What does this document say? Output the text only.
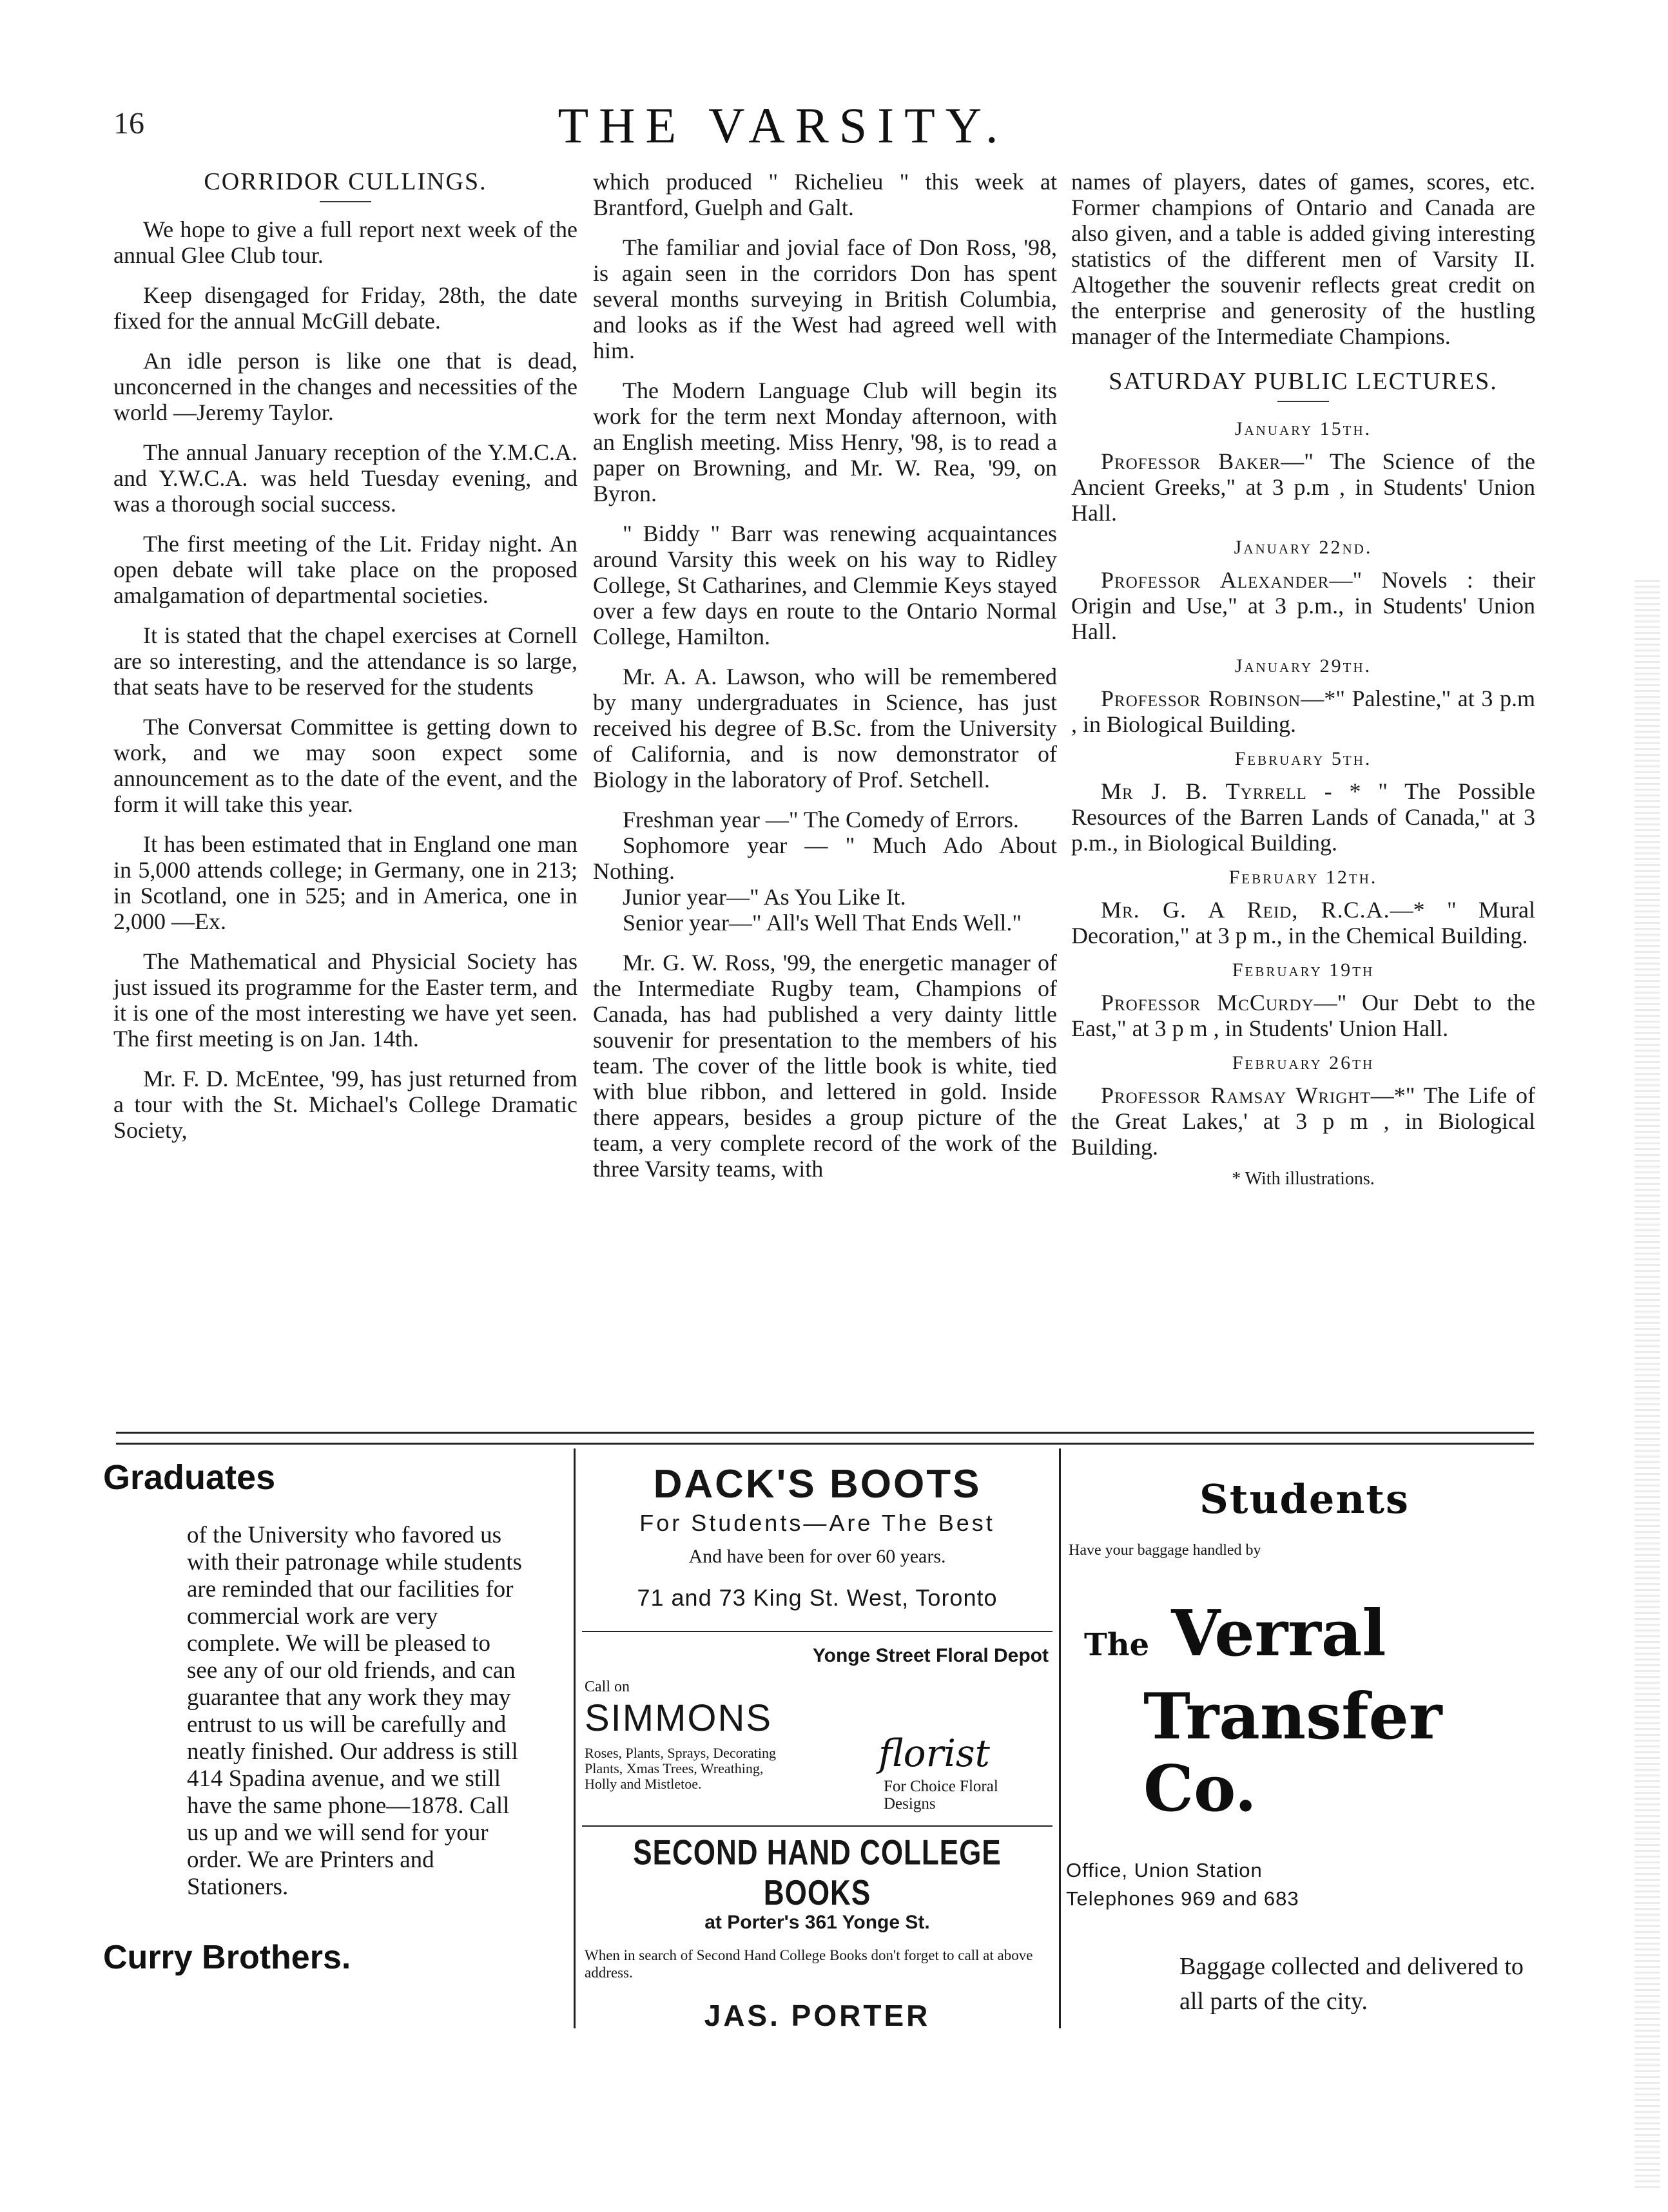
16	THE VARSITY.
CORRIDOR CULLINGS.

We hope to give a full report next week of the annual Glee Club tour.

Keep disengaged for Friday, 28th, the date fixed for the annual McGill debate.

An idle person is like one that is dead, unconcerned in the changes and necessities of the world —Jeremy Taylor.

The annual January reception of the Y.M.C.A. and Y.W.C.A. was held Tuesday evening, and was a thorough social success.

The first meeting of the Lit. Friday night. An open debate will take place on the proposed amalgamation of departmental societies.

It is stated that the chapel exercises at Cornell are so interesting, and the attendance is so large, that seats have to be reserved for the students

The Conversat Committee is getting down to work, and we may soon expect some announcement as to the date of the event, and the form it will take this year.

It has been estimated that in England one man in 5,000 attends college; in Germany, one in 213; in Scotland, one in 525; and in America, one in 2,000 —Ex.

The Mathematical and Physicial Society has just issued its programme for the Easter term, and it is one of the most interesting we have yet seen. The first meeting is on Jan. 14th.

Mr. F. D. McEntee, '99, has just returned from a tour with the St. Michael's College Dramatic Society,

which produced " Richelieu " this week at Brantford, Guelph and Galt.

The familiar and jovial face of Don Ross, '98, is again seen in the corridors Don has spent several months surveying in British Columbia, and looks as if the West had agreed well with him.

The Modern Language Club will begin its work for the term next Monday afternoon, with an English meeting. Miss Henry, '98, is to read a paper on Browning, and Mr. W. Rea, '99, on Byron.

" Biddy " Barr was renewing acquaintances around Varsity this week on his way to Ridley College, St Catharines, and Clemmie Keys stayed over a few days en route to the Ontario Normal College, Hamilton.

Mr. A. A. Lawson, who will be remembered by many undergraduates in Science, has just received his degree of B.Sc. from the University of California, and is now demonstrator of Biology in the laboratory of Prof. Setchell.

Freshman year —" The Comedy of Errors.

Sophomore year — " Much Ado About Nothing.

Junior year—" As You Like It.

Senior year—" All's Well That Ends Well."

Mr. G. W. Ross, '99, the energetic manager of the Intermediate Rugby team, Champions of Canada, has had published a very dainty little souvenir for presentation to the members of his team. The cover of the little book is white, tied with blue ribbon, and lettered in gold. Inside there appears, besides a group picture of the team, a very complete record of the work of the three Varsity teams, with

names of players, dates of games, scores, etc. Former champions of Ontario and Canada are also given, and a table is added giving interesting statistics of the different men of Varsity II. Altogether the souvenir reflects great credit on the enterprise and generosity of the hustling manager of the Intermediate Champions.

SATURDAY PUBLIC LECTURES.
January 15th.

Professor Baker—" The Science of the Ancient Greeks," at 3 p.m , in Students' Union Hall.

January 22nd.

Professor Alexander—" Novels : their Origin and Use," at 3 p.m., in Students' Union Hall.

January 29th.

Professor Robinson—*" Palestine," at 3 p.m , in Biological Building.

February 5th.

Mr J. B. Tyrrell - * " The Possible Resources of the Barren Lands of Canada," at 3 p.m., in Biological Building.

February 12th.

Mr. G. A Reid, R.C.A.—* " Mural Decoration," at 3 p m., in the Chemical Building.

February 19th

Professor McCurdy—" Our Debt to the East," at 3 p m , in Students' Union Hall.

February 26th

Professor Ramsay Wright—*" The Life of the Great Lakes,' at 3 p m , in Biological Building.

* With illustrations.
Graduates
of the University who favored us with their patronage while students are reminded that our facilities for commercial work are very complete. We will be pleased to see any of our old friends, and can guarantee that any work they may entrust to us will be carefully and neatly finished. Our address is still 414 Spadina avenue, and we still have the same phone—1878. Call us up and we will send for your order. We are Printers and Stationers.
Curry Brothers.
DACK'S BOOTS
For Students—Are The Best
And have been for over 60 years.
71 and 73 King St. West, Toronto
Yonge Street Floral Depot
Call on
SIMMONS
Roses, Plants, Sprays, Decorating Plants, Xmas Trees, Wreathing, Holly and Mistletoe.
florist
For Choice Floral Designs
SECOND HAND COLLEGE BOOKS
at Porter's 361 Yonge St.
When in search of Second Hand College Books don't forget to call at above address.
JAS. PORTER
Students
Have your baggage handled by
The Verral
Transfer
Co.
Office, Union Station
Telephones 969 and 683
Baggage collected and delivered to all parts of the city.
